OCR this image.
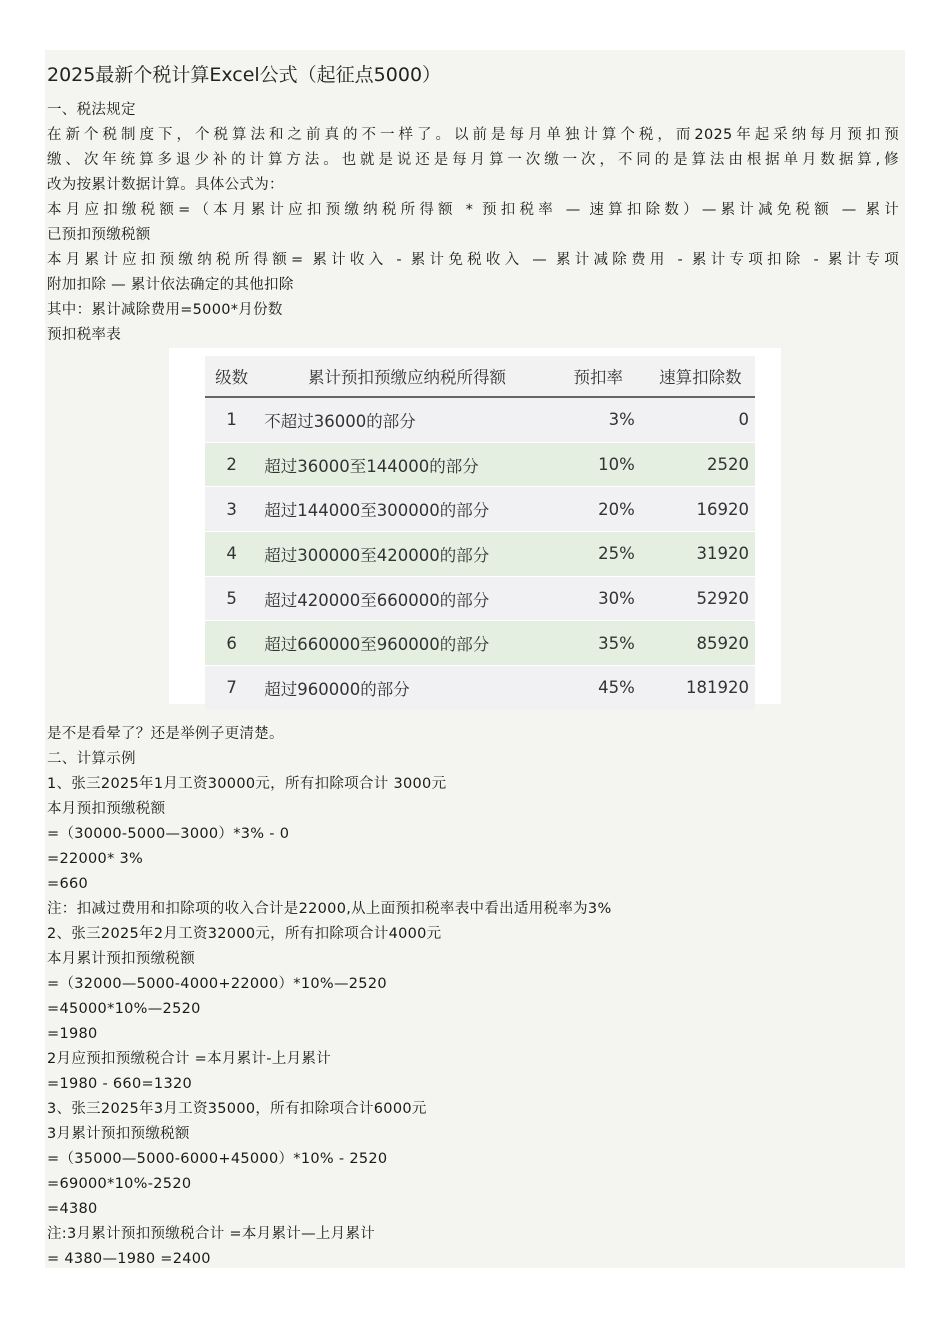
2025最新个税计算Excel公式（起征点5000）
一、税法规定
在新个税制度下，个税算法和之前真的不一样了。以前是每月单独计算个税，而2025年起采纳每月预扣预
缴、次年统算多退少补的计算方法。也就是说还是每月算一次缴一次，不同的是算法由根据单月数据算,修
改为按累计数据计算。具体公式为：
本月应扣缴税额=（本月累计应扣预缴纳税所得额 * 预扣税率 — 速算扣除数）—累计减免税额 — 累计
已预扣预缴税额
本月累计应扣预缴纳税所得额= 累计收入 - 累计免税收入 — 累计减除费用 - 累计专项扣除 - 累计专项
附加扣除 — 累计依法确定的其他扣除
其中：累计减除费用=5000*月份数
预扣税率表
级数	累计预扣预缴应纳税所得额	预扣率	速算扣除数
1	不超过36000的部分	3%	0
2	超过36000至144000的部分	10%	2520
3	超过144000至300000的部分	20%	16920
4	超过300000至420000的部分	25%	31920
5	超过420000至660000的部分	30%	52920
6	超过660000至960000的部分	35%	85920
7	超过960000的部分	45%	181920
是不是看晕了？还是举例子更清楚。
二、计算示例
1、张三2025年1月工资30000元，所有扣除项合计 3000元
本月预扣预缴税额
=（30000-5000—3000）*3% - 0
=22000* 3%
=660
注：扣减过费用和扣除项的收入合计是22000,从上面预扣税率表中看出适用税率为3%
2、张三2025年2月工资32000元，所有扣除项合计4000元
本月累计预扣预缴税额
=（32000—5000-4000+22000）*10%—2520
=45000*10%—2520
=1980
2月应预扣预缴税合计 =本月累计-上月累计
=1980 - 660=1320
3、张三2025年3月工资35000，所有扣除项合计6000元
3月累计预扣预缴税额
=（35000—5000-6000+45000）*10% - 2520
=69000*10%-2520
=4380
注:3月累计预扣预缴税合计 =本月累计—上月累计
= 4380—1980 =2400
